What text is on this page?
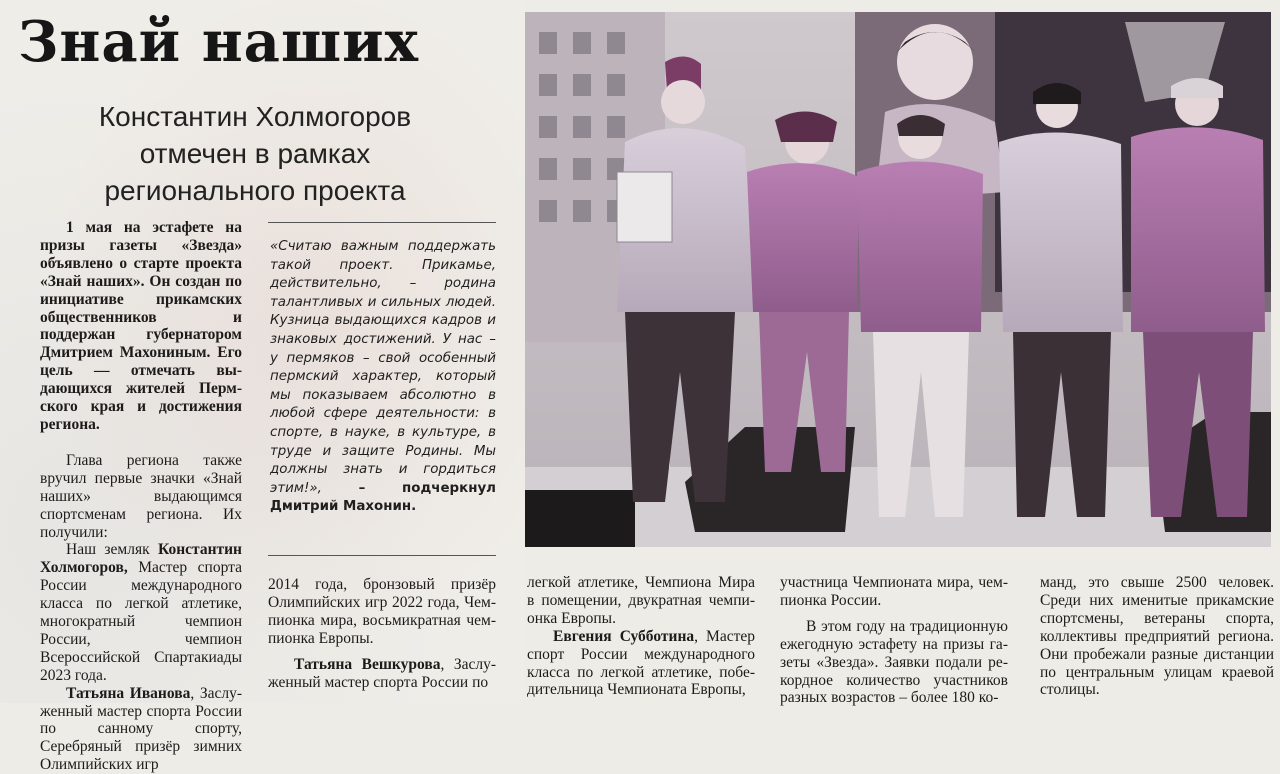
Знай наших
Константин Холмогоров
отмечен в рамках
регионального проекта

1 мая на эстафете на призы газеты «Звезда» объявлено о старте проекта «Знай наших». Он создан по инициативе прикамских общественников и поддержан губернатором Дмитрием Махониным. Его цель — отмечать выдающихся жителей Пермского края и достижения региона.

Глава региона также вручил первые значки «Знай наших» выдающимся спортсменам региона. Их получили:

Наш земляк Константин Холмогоров, Мастер спорта России международного класса по легкой атлетике, многократный чемпион России, чемпион Всероссийской Спартакиады 2023 года.

Татьяна Иванова, Заслуженный мастер спорта России по санному спорту, Серебряный призёр зимних Олимпийских игр

«Считаю важным поддержать такой проект. Прикамье, действительно, – родина талантливых и сильных людей. Кузница выдающихся кадров и знаковых достижений. У нас – у пермяков – свой особенный пермский характер, который мы показываем абсолютно в любой сфере деятельности: в спорте, в науке, в культуре, в труде и защите Родины. Мы должны знать и гордиться этим!», – подчеркнул Дмитрий Махонин.

2014 года, бронзовый призёр Олимпийских игр 2022 года, Чемпионка мира, восьмикратная чемпионка Европы.

Татьяна Вешкурова, Заслуженный мастер спорта России по

легкой атлетике, Чемпиона Мира в помещении, двукратная чемпионка Европы.

Евгения Субботина, Мастер спорт России международного класса по легкой атлетике, победительница Чемпионата Европы,

участница Чемпионата мира, чемпионка России.

В этом году на традиционную ежегодную эстафету на призы газеты «Звезда». Заявки подали рекордное количество участников разных возрастов – более 180 ко-

манд, это свыше 2500 человек. Среди них именитые прикамские спортсмены, ветераны спорта, коллективы предприятий региона. Они пробежали разные дистанции по центральным улицам краевой столицы.
